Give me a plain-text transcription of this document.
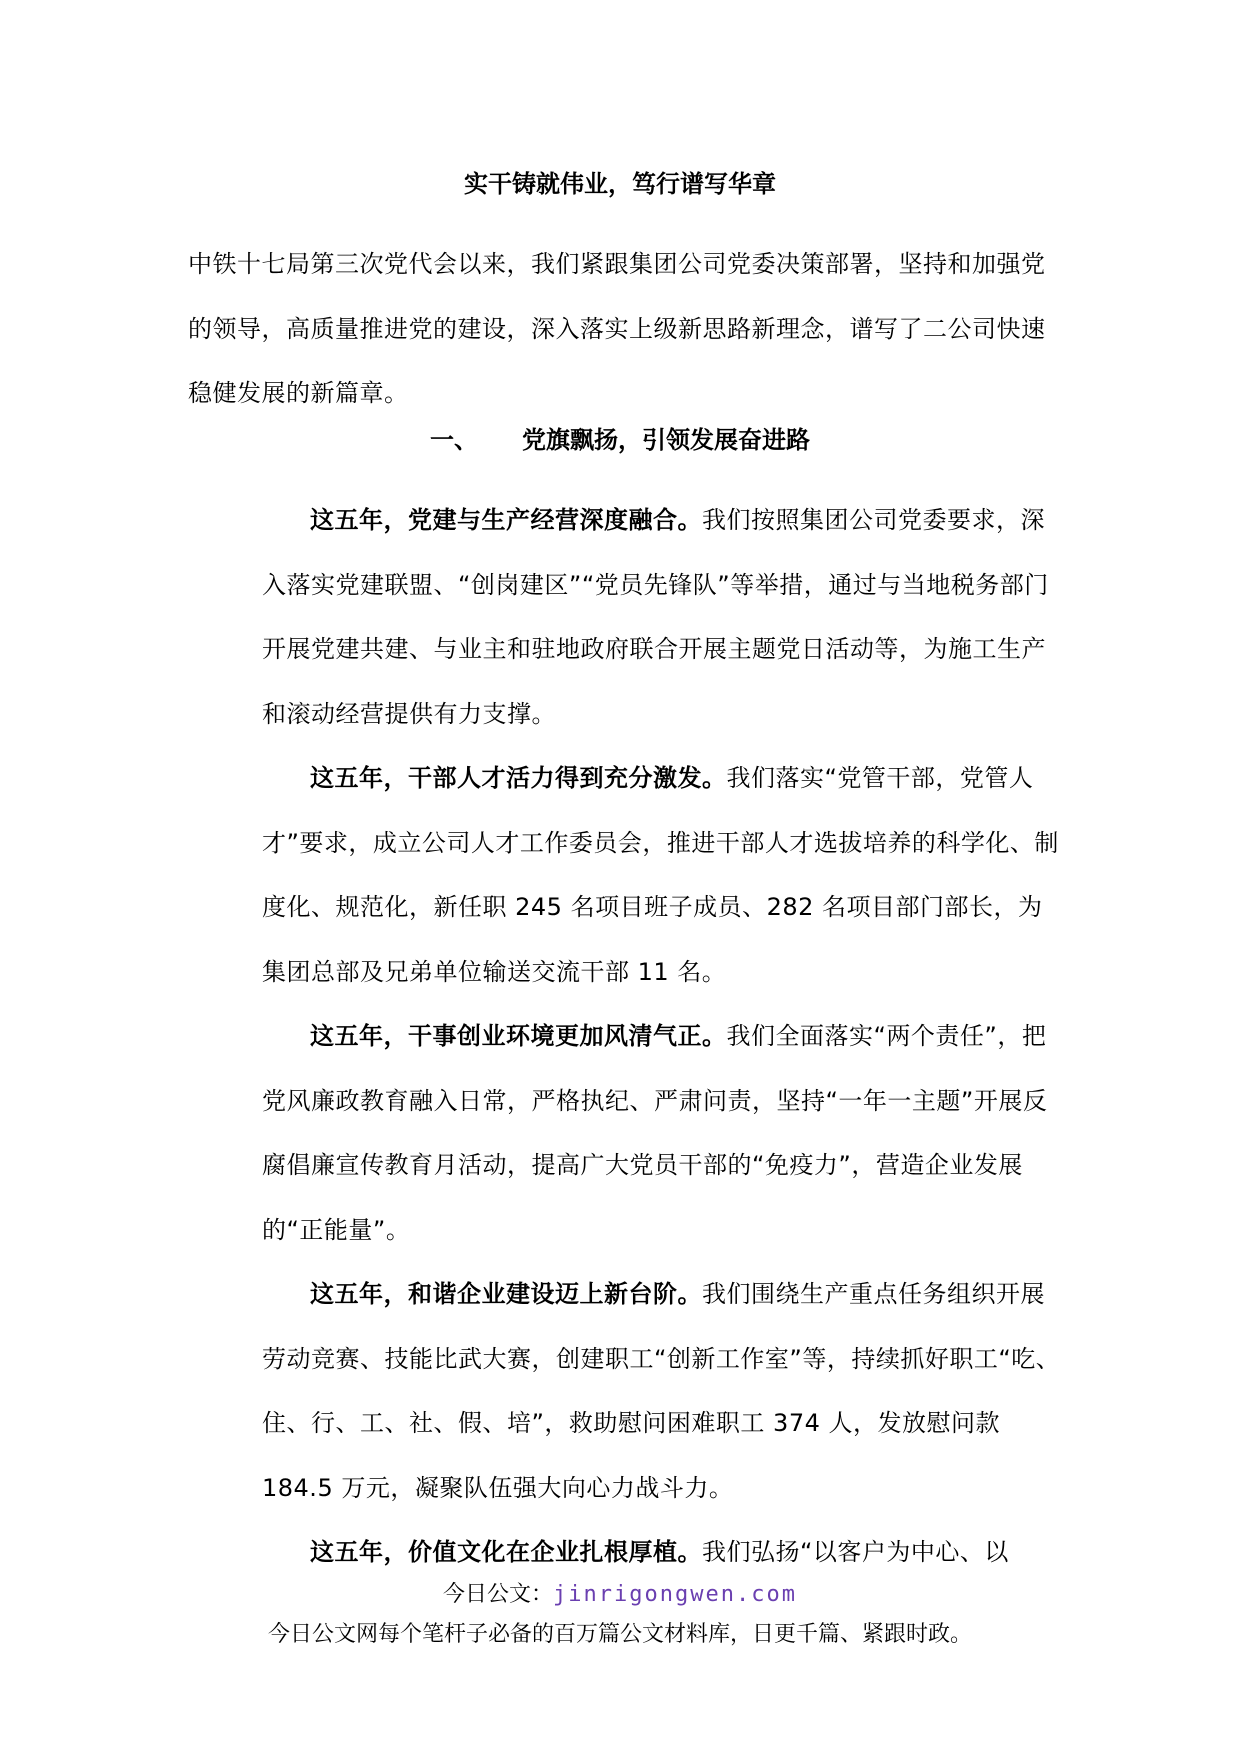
实干铸就伟业，笃行谱写华章
中铁十七局第三次党代会以来，我们紧跟集团公司党委决策部署，坚持和加强党的领导，高质量推进党的建设，深入落实上级新思路新理念，谱写了二公司快速稳健发展的新篇章。
一、 党旗飘扬，引领发展奋进路

这五年，党建与生产经营深度融合。我们按照集团公司党委要求，深入落实党建联盟、“创岗建区”“党员先锋队”等举措，通过与当地税务部门开展党建共建、与业主和驻地政府联合开展主题党日活动等，为施工生产和滚动经营提供有力支撑。

这五年，干部人才活力得到充分激发。我们落实“党管干部，党管人才”要求，成立公司人才工作委员会，推进干部人才选拔培养的科学化、制度化、规范化，新任职 245 名项目班子成员、282 名项目部门部长，为集团总部及兄弟单位输送交流干部 11 名。

这五年，干事创业环境更加风清气正。我们全面落实“两个责任”，把党风廉政教育融入日常，严格执纪、严肃问责，坚持“一年一主题”开展反腐倡廉宣传教育月活动，提高广大党员干部的“免疫力”，营造企业发展的“正能量”。

这五年，和谐企业建设迈上新台阶。我们围绕生产重点任务组织开展劳动竞赛、技能比武大赛，创建职工“创新工作室”等，持续抓好职工“吃、住、行、工、社、假、培”，救助慰问困难职工 374 人，发放慰问款 184.5 万元，凝聚队伍强大向心力战斗力。

这五年，价值文化在企业扎根厚植。我们弘扬“以客户为中心、以

今日公文：jinrigongwen.com
今日公文网每个笔杆子必备的百万篇公文材料库，日更千篇、紧跟时政。
